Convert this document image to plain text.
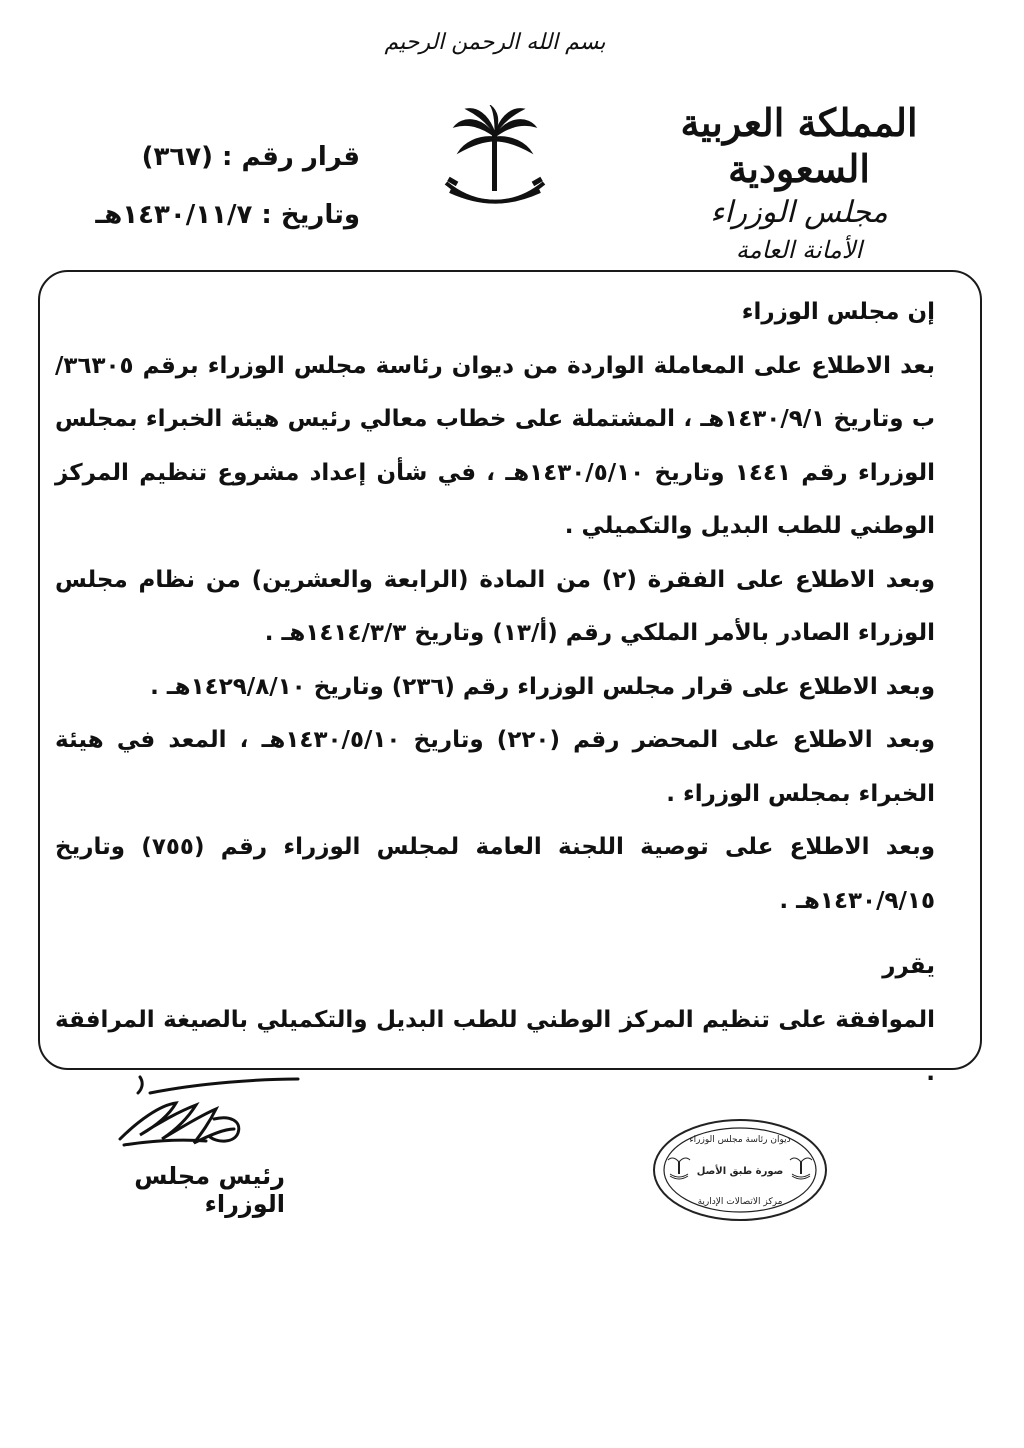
بسم الله الرحمن الرحيم
المملكة العربية السعودية
مجلس الوزراء
الأمانة العامة
قرار رقم : (٣٦٧)
وتاريخ : ١٤٣٠/١١/٧هـ

إن مجلس الوزراء

بعد الاطلاع على المعاملة الواردة من ديوان رئاسة مجلس الوزراء برقم ٣٦٣٠٥/ب وتاريخ ١٤٣٠/٩/١هـ ، المشتملة على خطاب معالي رئيس هيئة الخبراء بمجلس الوزراء رقم ١٤٤١ وتاريخ ١٤٣٠/٥/١٠هـ ، في شأن إعداد مشروع تنظيم المركز الوطني للطب البديل والتكميلي .

وبعد الاطلاع على الفقرة (٢) من المادة (الرابعة والعشرين) من نظام مجلس الوزراء الصادر بالأمر الملكي رقم (أ/١٣) وتاريخ ١٤١٤/٣/٣هـ .

وبعد الاطلاع على قرار مجلس الوزراء رقم (٢٣٦) وتاريخ ١٤٢٩/٨/١٠هـ .

وبعد الاطلاع على المحضر رقم (٢٢٠) وتاريخ ١٤٣٠/٥/١٠هـ ، المعد في هيئة الخبراء بمجلس الوزراء .

وبعد الاطلاع على توصية اللجنة العامة لمجلس الوزراء رقم (٧٥٥) وتاريخ ١٤٣٠/٩/١٥هـ .

يقرر

الموافقة على تنظيم المركز الوطني للطب البديل والتكميلي بالصيغة المرافقة .

رئيس مجلس الوزراء
ديوان رئاسة مجلس الوزراء
صورة طبق الأصل
مركز الاتصالات الإدارية
